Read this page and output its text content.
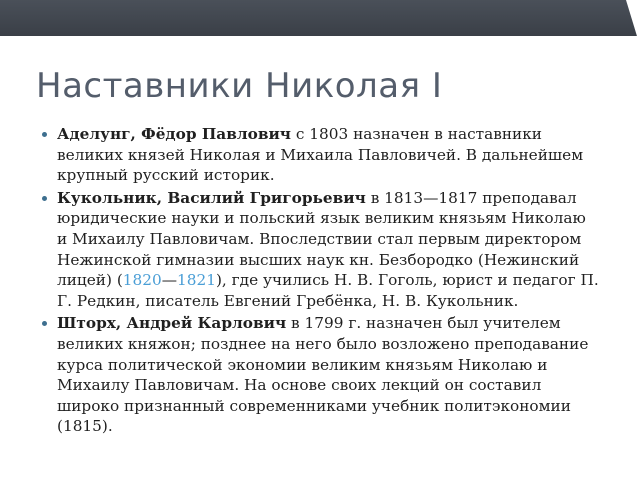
Наставники Николая I
Аделунг, Фёдор Павлович с 1803 назначен в наставники великих князей Николая и Михаила Павловичей. В дальнейшем крупный русский историк.
Кукольник, Василий Григорьевич в 1813—1817 преподавал юридические науки и польский язык великим князьям Николаю и Михаилу Павловичам. Впоследствии стал первым директором Нежинской гимназии высших наук кн. Безбородко (Нежинский лицей) (1820—1821), где учились Н. В. Гоголь, юрист и педагог П. Г. Редкин, писатель Евгений Гребёнка, Н. В. Кукольник.
Шторх, Андрей Карлович в 1799 г. назначен был учителем великих княжон; позднее на него было возложено преподавание курса политической экономии великим князьям Николаю и Михаилу Павловичам. На основе своих лекций он составил широко признанный современниками учебник политэкономии (1815).
